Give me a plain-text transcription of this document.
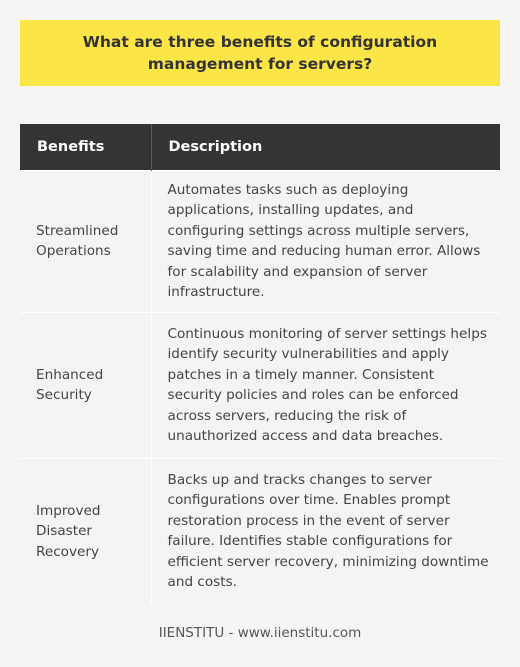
What are three benefits of configuration management for servers?
Benefits	Description
Streamlined Operations	Automates tasks such as deploying applications, installing updates, and configuring settings across multiple servers, saving time and reducing human error. Allows for scalability and expansion of server infrastructure.
Enhanced Security	Continuous monitoring of server settings helps identify security vulnerabilities and apply patches in a timely manner. Consistent security policies and roles can be enforced across servers, reducing the risk of unauthorized access and data breaches.
Improved Disaster Recovery	Backs up and tracks changes to server configurations over time. Enables prompt restoration process in the event of server failure. Identifies stable configurations for efficient server recovery, minimizing downtime and costs.
IIENSTITU - www.iienstitu.com
